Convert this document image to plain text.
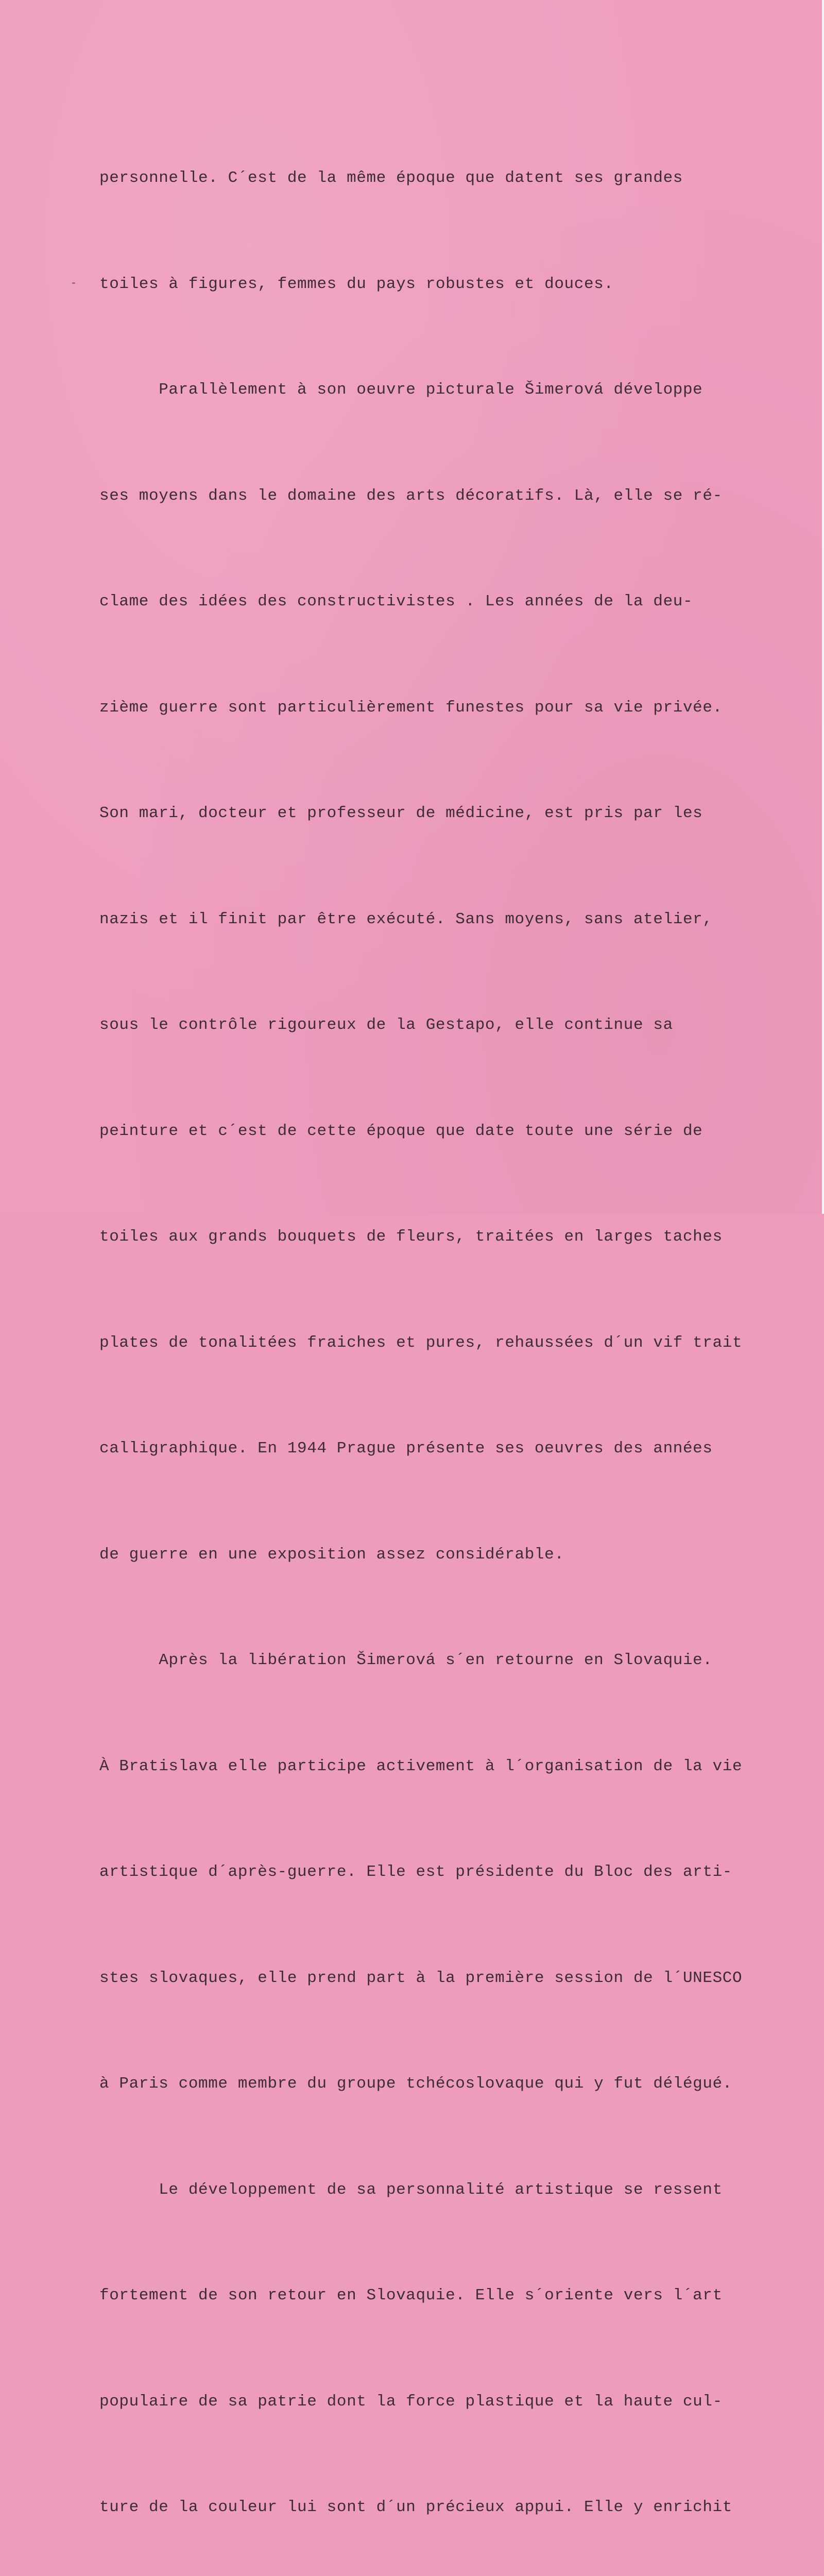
personnelle. C´est de la même époque que datent ses grandes

toiles à figures, femmes du pays robustes et douces.

Parallèlement à son oeuvre picturale Šimerová développe

ses moyens dans le domaine des arts décoratifs. Là, elle se ré-

clame des idées des constructivistes . Les années de la deu-

zième guerre sont particulièrement funestes pour sa vie privée.

Son mari, docteur et professeur de médicine, est pris par les

nazis et il finit par être exécuté. Sans moyens, sans atelier,

sous le contrôle rigoureux de la Gestapo, elle continue sa

peinture et c´est de cette époque que date toute une série de

toiles aux grands bouquets de fleurs, traitées en larges taches

plates de tonalitées fraiches et pures, rehaussées d´un vif trait

calligraphique. En 1944 Prague présente ses oeuvres des années

de guerre en une exposition assez considérable.

Après la libération Šimerová s´en retourne en Slovaquie.

À Bratislava elle participe activement à l´organisation de la vie

artistique d´après-guerre. Elle est présidente du Bloc des arti-

stes slovaques, elle prend part à la première session de l´UNESCO

à Paris comme membre du groupe tchécoslovaque qui y fut délégué.

Le développement de sa personnalité artistique se ressent

fortement de son retour en Slovaquie. Elle s´oriente vers l´art

populaire de sa patrie dont la force plastique et la haute cul-

ture de la couleur lui sont d´un précieux appui. Elle y enrichit
